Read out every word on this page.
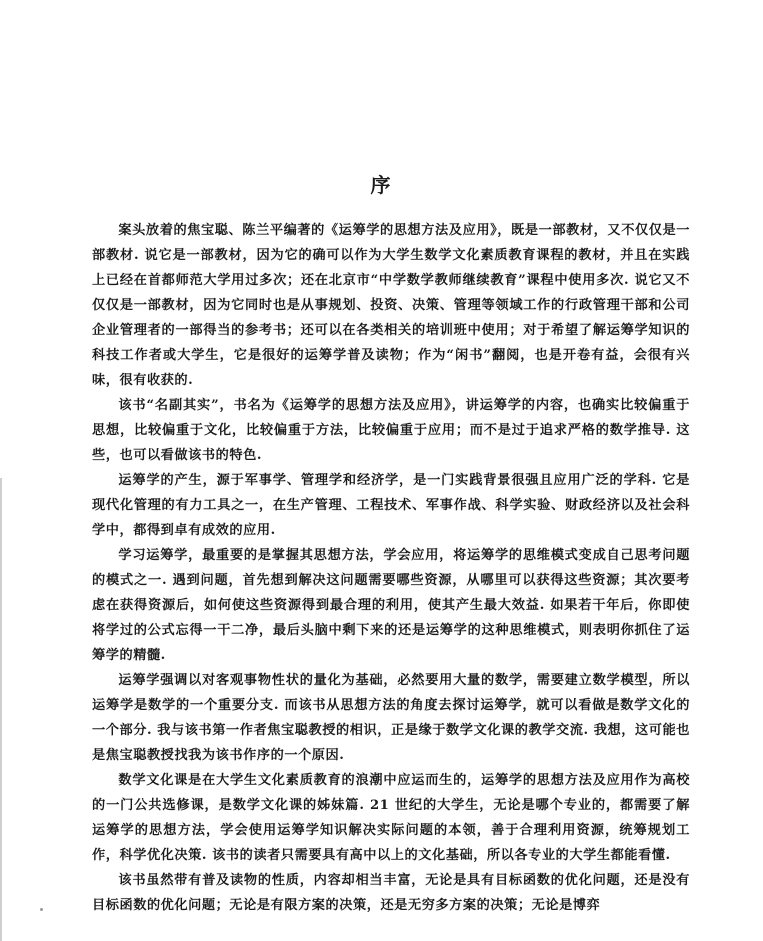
序

案头放着的焦宝聪、陈兰平编著的《运筹学的思想方法及应用》，既是一部教材，又不仅仅是一部教材. 说它是一部教材，因为它的确可以作为大学生数学文化素质教育课程的教材，并且在实践上已经在首都师范大学用过多次；还在北京市“中学数学教师继续教育”课程中使用多次. 说它又不仅仅是一部教材，因为它同时也是从事规划、投资、决策、管理等领域工作的行政管理干部和公司企业管理者的一部得当的参考书；还可以在各类相关的培训班中使用；对于希望了解运筹学知识的科技工作者或大学生，它是很好的运筹学普及读物；作为“闲书”翻阅，也是开卷有益，会很有兴味，很有收获的.

该书“名副其实”，书名为《运筹学的思想方法及应用》，讲运筹学的内容，也确实比较偏重于思想，比较偏重于文化，比较偏重于方法，比较偏重于应用；而不是过于追求严格的数学推导. 这些，也可以看做该书的特色.

运筹学的产生，源于军事学、管理学和经济学，是一门实践背景很强且应用广泛的学科. 它是现代化管理的有力工具之一，在生产管理、工程技术、军事作战、科学实验、财政经济以及社会科学中，都得到卓有成效的应用.

学习运筹学，最重要的是掌握其思想方法，学会应用，将运筹学的思维模式变成自己思考问题的模式之一. 遇到问题，首先想到解决这问题需要哪些资源，从哪里可以获得这些资源；其次要考虑在获得资源后，如何使这些资源得到最合理的利用，使其产生最大效益. 如果若干年后，你即使将学过的公式忘得一干二净，最后头脑中剩下来的还是运筹学的这种思维模式，则表明你抓住了运筹学的精髓.

运筹学强调以对客观事物性状的量化为基础，必然要用大量的数学，需要建立数学模型，所以运筹学是数学的一个重要分支. 而该书从思想方法的角度去探讨运筹学，就可以看做是数学文化的一个部分. 我与该书第一作者焦宝聪教授的相识，正是缘于数学文化课的教学交流. 我想，这可能也是焦宝聪教授找我为该书作序的一个原因.

数学文化课是在大学生文化素质教育的浪潮中应运而生的，运筹学的思想方法及应用作为高校的一门公共选修课，是数学文化课的姊妹篇. 21 世纪的大学生，无论是哪个专业的，都需要了解运筹学的思想方法，学会使用运筹学知识解决实际问题的本领，善于合理利用资源，统筹规划工作，科学优化决策. 该书的读者只需要具有高中以上的文化基础，所以各专业的大学生都能看懂.

该书虽然带有普及读物的性质，内容却相当丰富，无论是具有目标函数的优化问题，还是没有目标函数的优化问题；无论是有限方案的决策，还是无穷多方案的决策；无论是博弈
